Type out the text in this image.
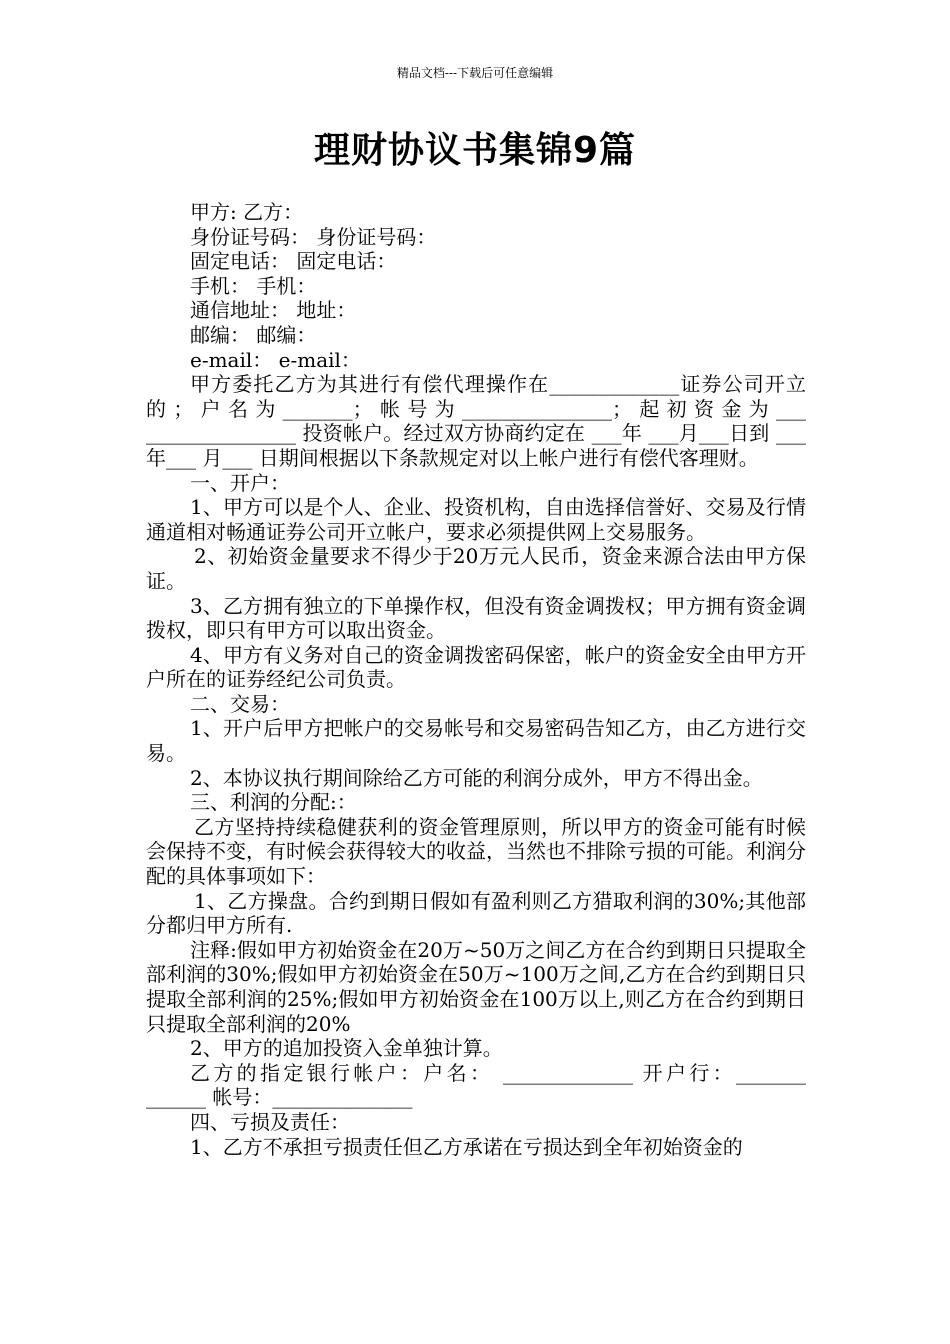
精品文档---下载后可任意编辑
理财协议书集锦9篇

甲方: 乙方：

身份证号码： 身份证号码：

固定电话： 固定电话：

手机： 手机：

通信地址： 地址：

邮编： 邮编：

e-mail： e-mail：

甲方委托乙方为其进行有偿代理操作在_____________证券公司开立的；户名为_______；帐号为_______________；起初资金为___ _______________ 投资帐户。经过双方协商约定在 ___年 ___月___日到 ___年___ 月___ 日期间根据以下条款规定对以上帐户进行有偿代客理财。

一、开户：

1、甲方可以是个人、企业、投资机构，自由选择信誉好、交易及行情通道相对畅通证券公司开立帐户，要求必须提供网上交易服务。

2、初始资金量要求不得少于20万元人民币，资金来源合法由甲方保证。

3、乙方拥有独立的下单操作权，但没有资金调拨权；甲方拥有资金调拨权，即只有甲方可以取出资金。

4、甲方有义务对自己的资金调拨密码保密，帐户的资金安全由甲方开户所在的证券经纪公司负责。

二、交易：

1、开户后甲方把帐户的交易帐号和交易密码告知乙方，由乙方进行交易。

2、本协议执行期间除给乙方可能的利润分成外，甲方不得出金。

三、利润的分配:：

乙方坚持持续稳健获利的资金管理原则，所以甲方的资金可能有时候会保持不变，有时候会获得较大的收益，当然也不排除亏损的可能。利润分配的具体事项如下：

1、乙方操盘。合约到期日假如有盈利则乙方猎取利润的30%;其他部分都归甲方所有.

注释:假如甲方初始资金在20万~50万之间乙方在合约到期日只提取全部利润的30%;假如甲方初始资金在50万~100万之间,乙方在合约到期日只提取全部利润的25%;假如甲方初始资金在100万以上,则乙方在合约到期日只提取全部利润的20%

2、甲方的追加投资入金单独计算。

乙方的指定银行帐户：户名： _____________ 开户行：_______ ______ 帐号：______________

四、亏损及责任：

1、乙方不承担亏损责任但乙方承诺在亏损达到全年初始资金的
